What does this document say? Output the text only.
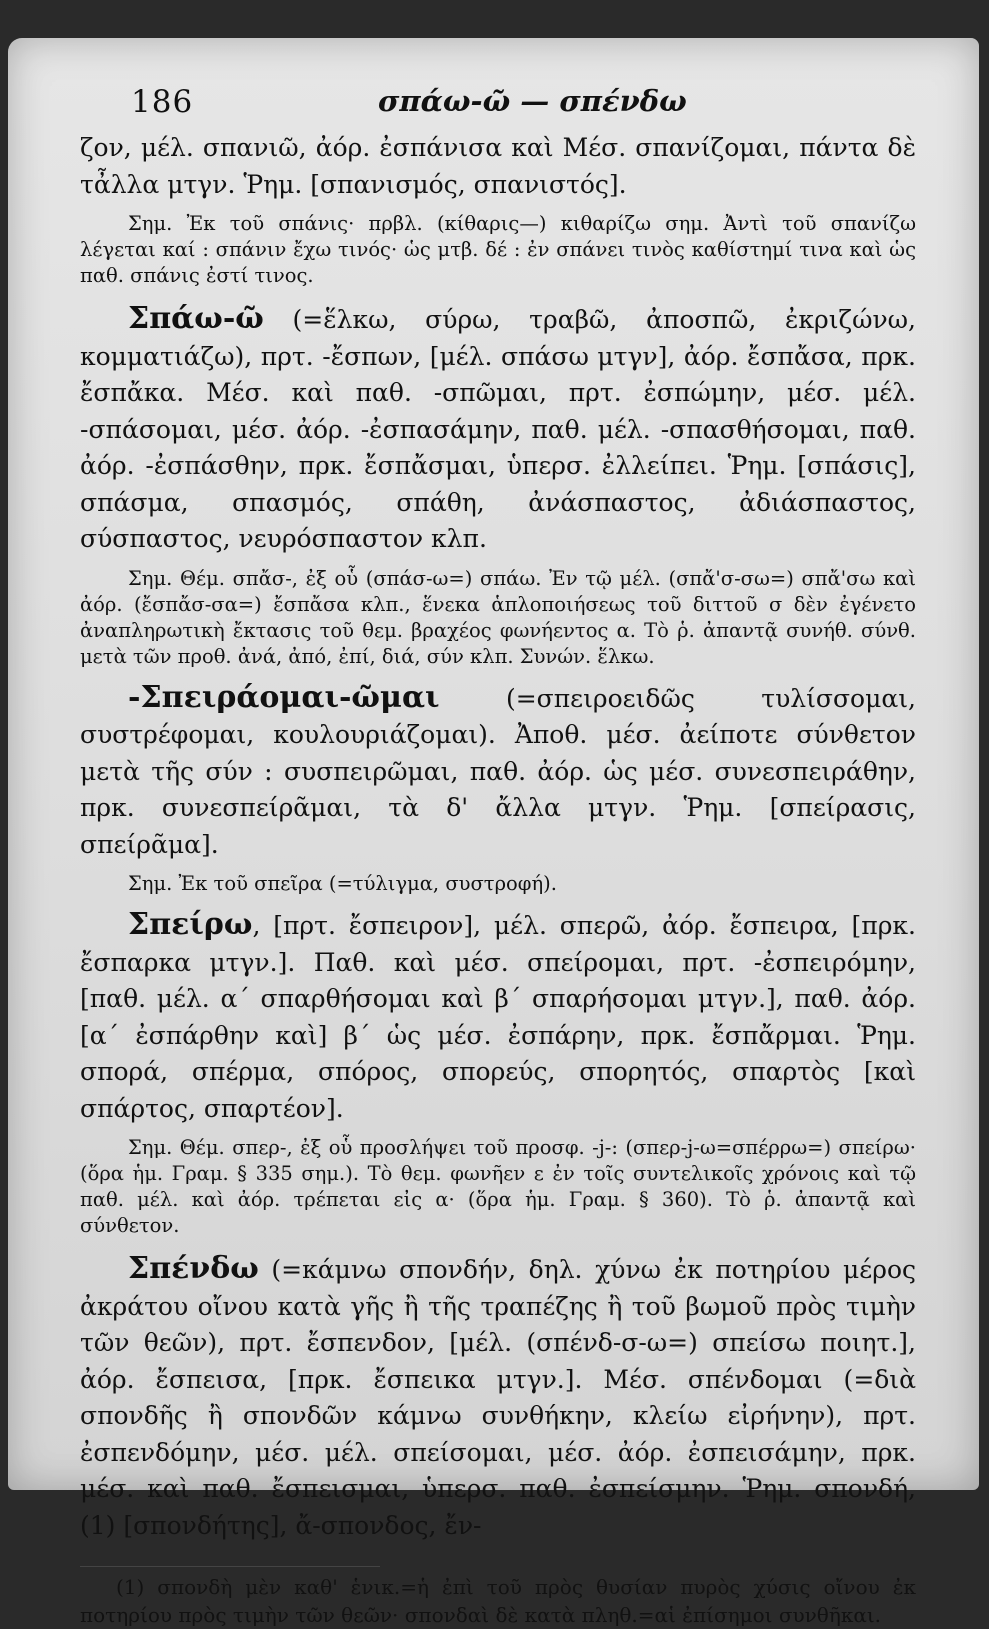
186	σπάω-ῶ — σπένδω

ζον, μέλ. σπανιῶ, ἀόρ. ἐσπάνισα καὶ Μέσ. σπανίζομαι, πάντα δὲ τἆλλα μτγν. Ῥημ. [σπανισμός, σπανιστός].

Σημ. Ἐκ τοῦ σπάνις· πρβλ. (κίθαρις—) κιθαρίζω σημ. Ἀντὶ τοῦ σπανίζω λέγεται καί : σπάνιν ἔχω τινός· ὡς μτβ. δέ : ἐν σπάνει τινὸς καθίστημί τινα καὶ ὡς παθ. σπάνις ἐστί τινος.

Σπάω-ῶ (=ἕλκω, σύρω, τραβῶ, ἀποσπῶ, ἐκριζώνω, κομματιάζω), πρτ. -ἔσπων, [μέλ. σπάσω μτγν], ἀόρ. ἔσπἄσα, πρκ. ἔσπἄκα. Μέσ. καὶ παθ. -σπῶμαι, πρτ. ἐσπώμην, μέσ. μέλ. -σπάσομαι, μέσ. ἀόρ. -ἐσπασάμην, παθ. μέλ. -σπασθήσομαι, παθ. ἀόρ. -ἐσπάσθην, πρκ. ἔσπἄσμαι, ὑπερσ. ἐλλείπει. Ῥημ. [σπάσις], σπάσμα, σπασμός, σπάθη, ἀνάσπαστος, ἀδιάσπαστος, σύσπαστος, νευρόσπαστον κλπ.

Σημ. Θέμ. σπἄσ-, ἐξ οὗ (σπάσ-ω=) σπάω. Ἐν τῷ μέλ. (σπἄ'σ-σω=) σπἄ'σω καὶ ἀόρ. (ἔσπἄσ-σα=) ἔσπἄσα κλπ., ἕνεκα ἁπλοποιήσεως τοῦ διττοῦ σ δὲν ἐγένετο ἀναπληρωτικὴ ἔκτασις τοῦ θεμ. βραχέος φωνήεντος α. Τὸ ῥ. ἀπαντᾷ συνήθ. σύνθ. μετὰ τῶν προθ. ἀνά, ἀπό, ἐπί, διά, σύν κλπ. Συνών. ἕλκω.

-Σπειράομαι-ῶμαι (=σπειροειδῶς τυλίσσομαι, συστρέφομαι, κουλουριάζομαι). Ἀποθ. μέσ. ἀείποτε σύνθετον μετὰ τῆς σύν : συσπειρῶμαι, παθ. ἀόρ. ὡς μέσ. συνεσπειράθην, πρκ. συνεσπείρᾶμαι, τὰ δ' ἄλλα μτγν. Ῥημ. [σπείρασις, σπείρᾶμα].

Σημ. Ἐκ τοῦ σπεῖρα (=τύλιγμα, συστροφή).

Σπείρω, [πρτ. ἔσπειρον], μέλ. σπερῶ, ἀόρ. ἔσπειρα, [πρκ. ἔσπαρκα μτγν.]. Παθ. καὶ μέσ. σπείρομαι, πρτ. -ἐσπειρόμην, [παθ. μέλ. α΄ σπαρθήσομαι καὶ β΄ σπαρήσομαι μτγν.], παθ. ἀόρ. [α΄ ἐσπάρθην καὶ] β΄ ὡς μέσ. ἐσπάρην, πρκ. ἔσπἄρμαι. Ῥημ. σπορά, σπέρμα, σπόρος, σπορεύς, σπορητός, σπαρτὸς [καὶ σπάρτος, σπαρτέον].

Σημ. Θέμ. σπερ-, ἐξ οὗ προσλήψει τοῦ προσφ. -j-: (σπερ-j-ω=σπέρρω=) σπείρω· (ὅρα ἡμ. Γραμ. § 335 σημ.). Τὸ θεμ. φωνῆεν ε ἐν τοῖς συντελικοῖς χρόνοις καὶ τῷ παθ. μέλ. καὶ ἀόρ. τρέπεται εἰς α· (ὅρα ἡμ. Γραμ. § 360). Τὸ ῥ. ἀπαντᾷ καὶ σύνθετον.

Σπένδω (=κάμνω σπονδήν, δηλ. χύνω ἐκ ποτηρίου μέρος ἀκράτου οἴνου κατὰ γῆς ἢ τῆς τραπέζης ἢ τοῦ βωμοῦ πρὸς τιμὴν τῶν θεῶν), πρτ. ἔσπενδον, [μέλ. (σπένδ-σ-ω=) σπείσω ποιητ.], ἀόρ. ἔσπεισα, [πρκ. ἔσπεικα μτγν.]. Μέσ. σπένδομαι (=διὰ σπονδῆς ἢ σπονδῶν κάμνω συνθήκην, κλείω εἰρήνην), πρτ. ἐσπενδόμην, μέσ. μέλ. σπείσομαι, μέσ. ἀόρ. ἐσπεισάμην, πρκ. μέσ. καὶ παθ. ἔσπεισμαι, ὑπερσ. παθ. ἐσπείσμην. Ῥημ. σπονδή, (1) [σπονδήτης], ἄ-σπονδος, ἔν-

(1) σπονδὴ μὲν καθ' ἑνικ.=ἡ ἐπὶ τοῦ πρὸς θυσίαν πυρὸς χύσις οἴνου ἐκ ποτηρίου πρὸς τιμὴν τῶν θεῶν· σπονδαὶ δὲ κατὰ πληθ.=αἱ ἐπίσημοι συνθῆκαι.
